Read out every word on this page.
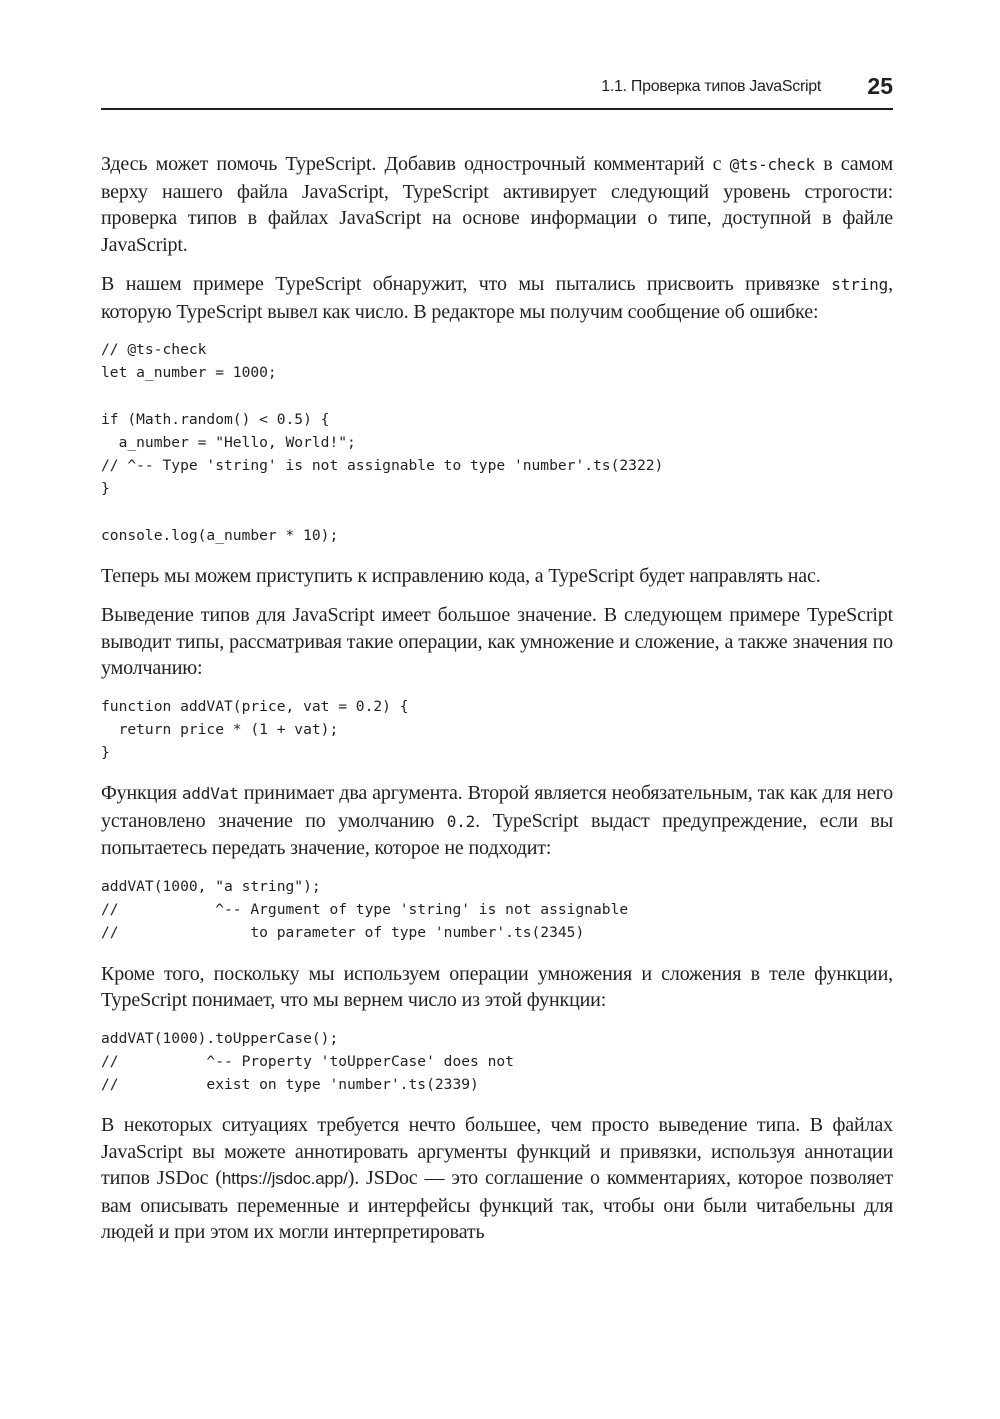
1.1. Проверка типов JavaScript 25

Здесь может помочь TypeScript. Добавив однострочный комментарий с @ts-check в самом верху нашего файла JavaScript, TypeScript активирует следующий уровень строгости: проверка типов в файлах JavaScript на основе информации о типе, доступной в файле JavaScript.

В нашем примере TypeScript обнаружит, что мы пытались присвоить привязке string, которую TypeScript вывел как число. В редакторе мы получим сообщение об ошибке:

// @ts-check
let a_number = 1000;

if (Math.random() < 0.5) {
a_number = "Hello, World!";
// ^-- Type 'string' is not assignable to type 'number'.ts(2322)
}

console.log(a_number * 10);

Теперь мы можем приступить к исправлению кода, а TypeScript будет направлять нас.

Выведение типов для JavaScript имеет большое значение. В следующем примере TypeScript выводит типы, рассматривая такие операции, как умножение и сложение, а также значения по умолчанию:

function addVAT(price, vat = 0.2) {
return price * (1 + vat);
}

Функция addVat принимает два аргумента. Второй является необязательным, так как для него установлено значение по умолчанию 0.2. TypeScript выдаст предупреждение, если вы попытаетесь передать значение, которое не подходит:

addVAT(1000, "a string");
//           ^-- Argument of type 'string' is not assignable
//               to parameter of type 'number'.ts(2345)

Кроме того, поскольку мы используем операции умножения и сложения в теле функции, TypeScript понимает, что мы вернем число из этой функции:

addVAT(1000).toUpperCase();
//          ^-- Property 'toUpperCase' does not
//          exist on type 'number'.ts(2339)

В некоторых ситуациях требуется нечто большее, чем просто выведение типа. В файлах JavaScript вы можете аннотировать аргументы функций и привязки, используя аннотации типов JSDoc (https://jsdoc.app/). JSDoc — это соглашение о комментариях, которое позволяет вам описывать переменные и интерфейсы функций так, чтобы они были читабельны для людей и при этом их могли интерпретировать
